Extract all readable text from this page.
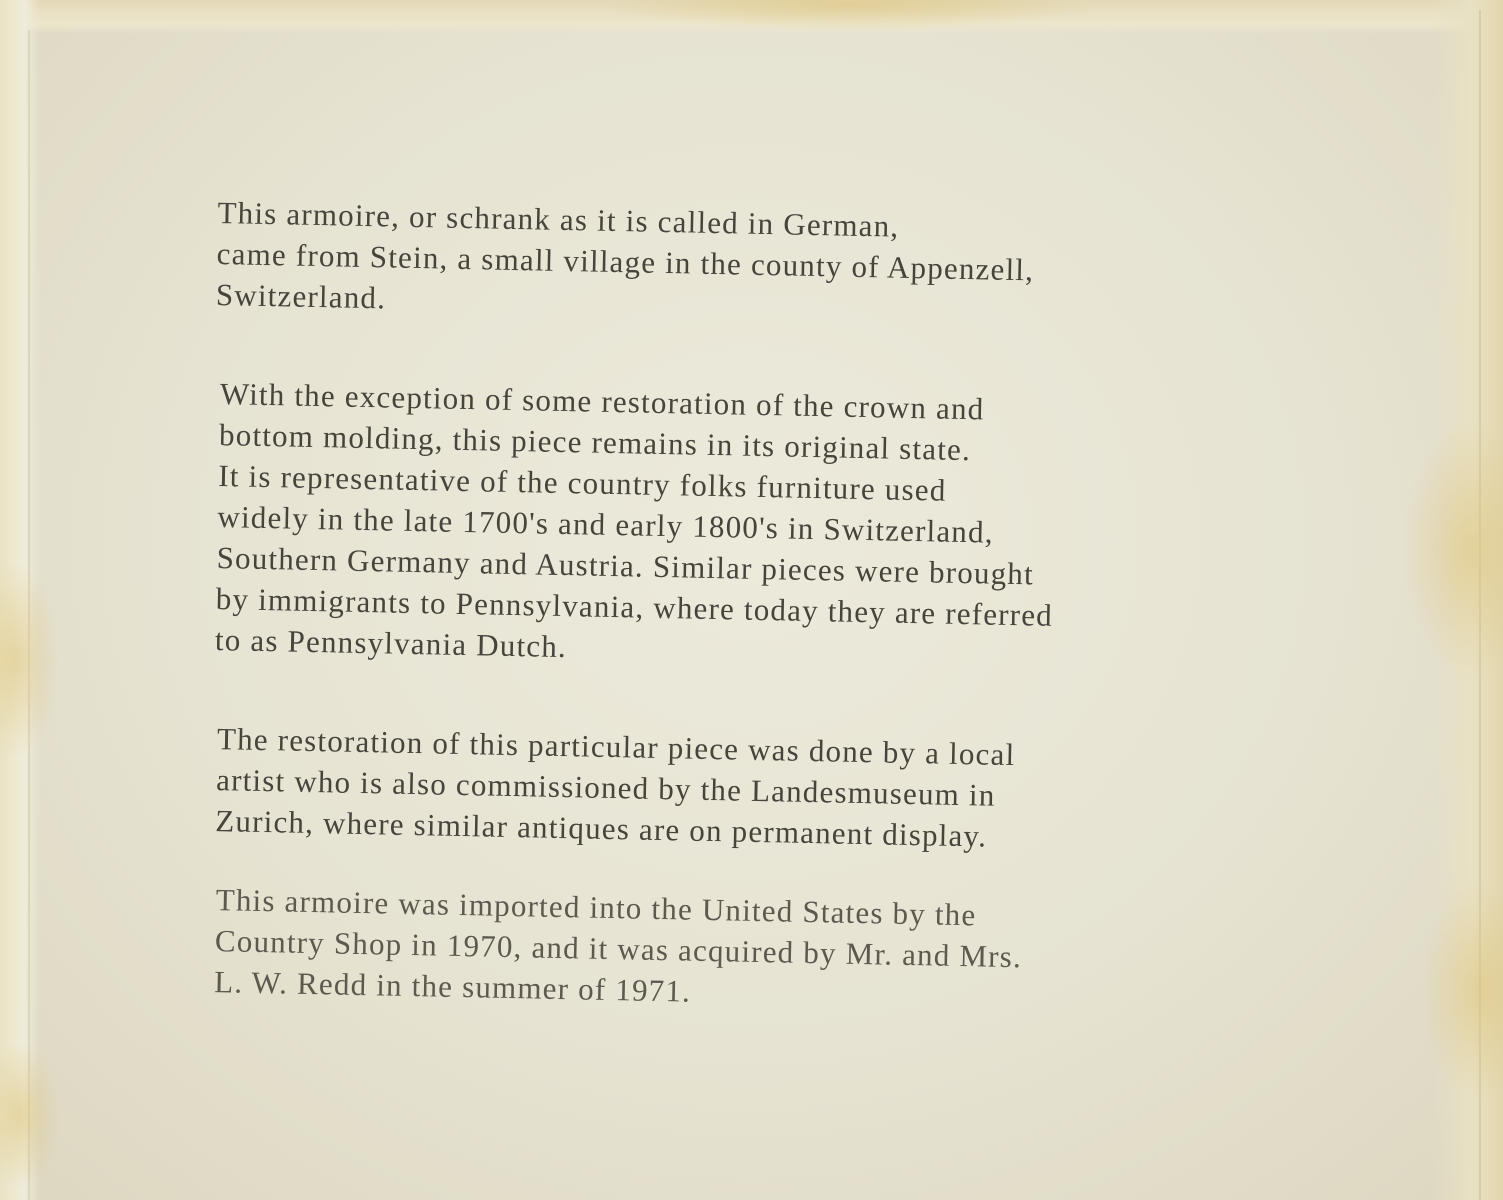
This armoire, or schrank as it is called in German,
came from Stein, a small village in the county of Appenzell,
Switzerland.

With the exception of some restoration of the crown and
bottom molding, this piece remains in its original state.
It is representative of the country folks furniture used
widely in the late 1700's and early 1800's in Switzerland,
Southern Germany and Austria. Similar pieces were brought
by immigrants to Pennsylvania, where today they are referred
to as Pennsylvania Dutch.

The restoration of this particular piece was done by a local
artist who is also commissioned by the Landesmuseum in
Zurich, where similar antiques are on permanent display.

This armoire was imported into the United States by the
Country Shop in 1970, and it was acquired by Mr. and Mrs.
L. W. Redd in the summer of 1971.
